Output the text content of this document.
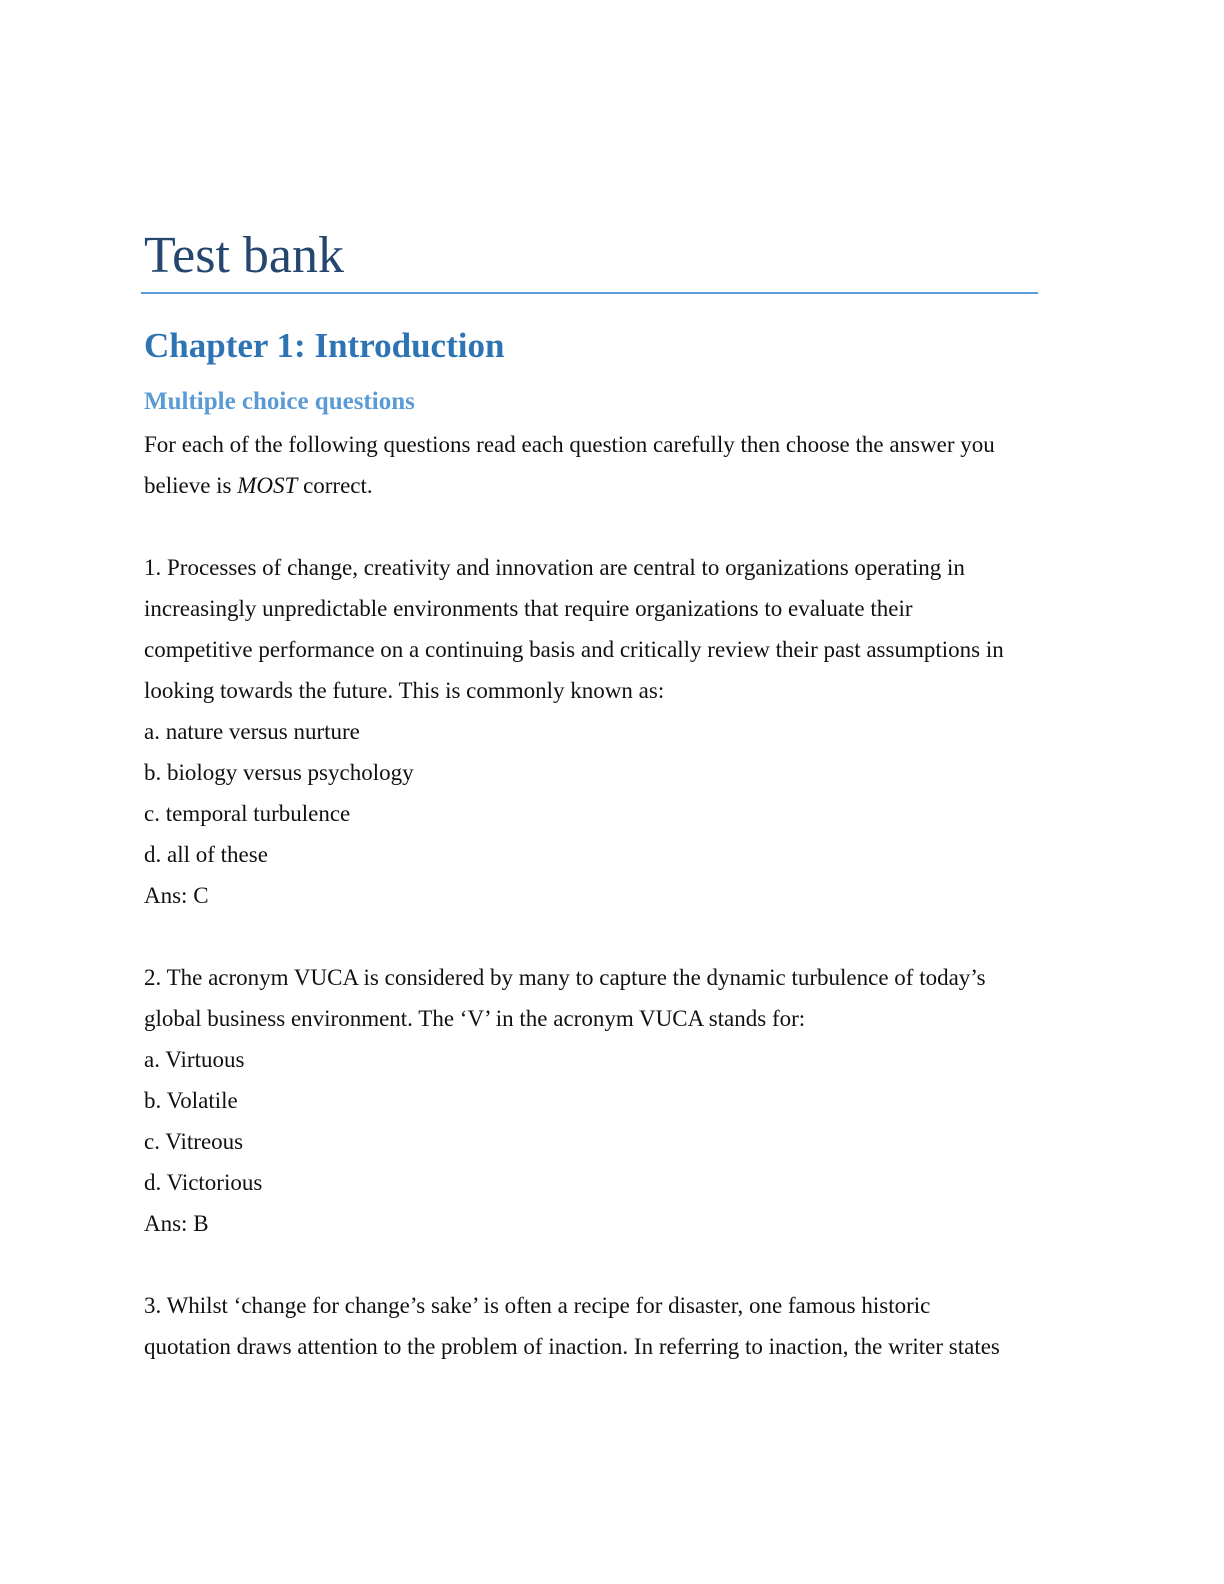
Test bank
Chapter 1: Introduction
Multiple choice questions
For each of the following questions read each question carefully then choose the answer you
believe is MOST correct.
1. Processes of change, creativity and innovation are central to organizations operating in
increasingly unpredictable environments that require organizations to evaluate their
competitive performance on a continuing basis and critically review their past assumptions in
looking towards the future. This is commonly known as:
a. nature versus nurture
b. biology versus psychology
c. temporal turbulence
d. all of these
Ans: C
2. The acronym VUCA is considered by many to capture the dynamic turbulence of today’s
global business environment. The ‘V’ in the acronym VUCA stands for:
a. Virtuous
b. Volatile
c. Vitreous
d. Victorious
Ans: B
3. Whilst ‘change for change’s sake’ is often a recipe for disaster, one famous historic
quotation draws attention to the problem of inaction. In referring to inaction, the writer states
